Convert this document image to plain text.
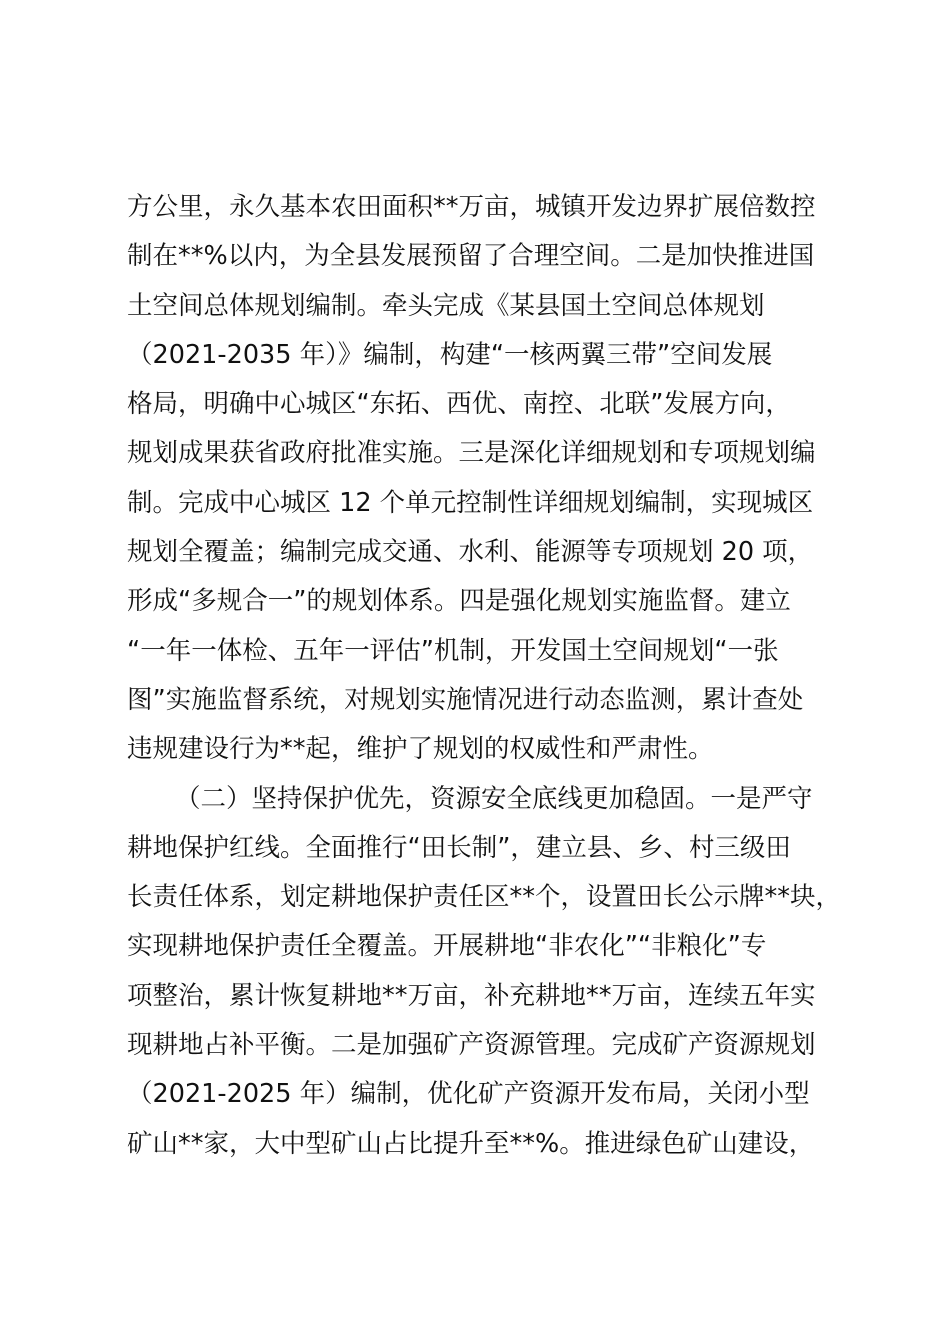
方公里，永久基本农田面积**万亩，城镇开发边界扩展倍数控
制在**%以内，为全县发展预留了合理空间。二是加快推进国
土空间总体规划编制。牵头完成《某县国土空间总体规划
（2021-2035 年）》编制，构建“一核两翼三带”空间发展
格局，明确中心城区“东拓、西优、南控、北联”发展方向，
规划成果获省政府批准实施。三是深化详细规划和专项规划编
制。完成中心城区 12 个单元控制性详细规划编制，实现城区
规划全覆盖；编制完成交通、水利、能源等专项规划 20 项，
形成“多规合一”的规划体系。四是强化规划实施监督。建立
“一年一体检、五年一评估”机制，开发国土空间规划“一张
图”实施监督系统，对规划实施情况进行动态监测，累计查处
违规建设行为**起，维护了规划的权威性和严肃性。
（二）坚持保护优先，资源安全底线更加稳固。一是严守
耕地保护红线。全面推行“田长制”，建立县、乡、村三级田
长责任体系，划定耕地保护责任区**个，设置田长公示牌**块，
实现耕地保护责任全覆盖。开展耕地“非农化”“非粮化”专
项整治，累计恢复耕地**万亩，补充耕地**万亩，连续五年实
现耕地占补平衡。二是加强矿产资源管理。完成矿产资源规划
（2021-2025 年）编制，优化矿产资源开发布局，关闭小型
矿山**家，大中型矿山占比提升至**%。推进绿色矿山建设，
